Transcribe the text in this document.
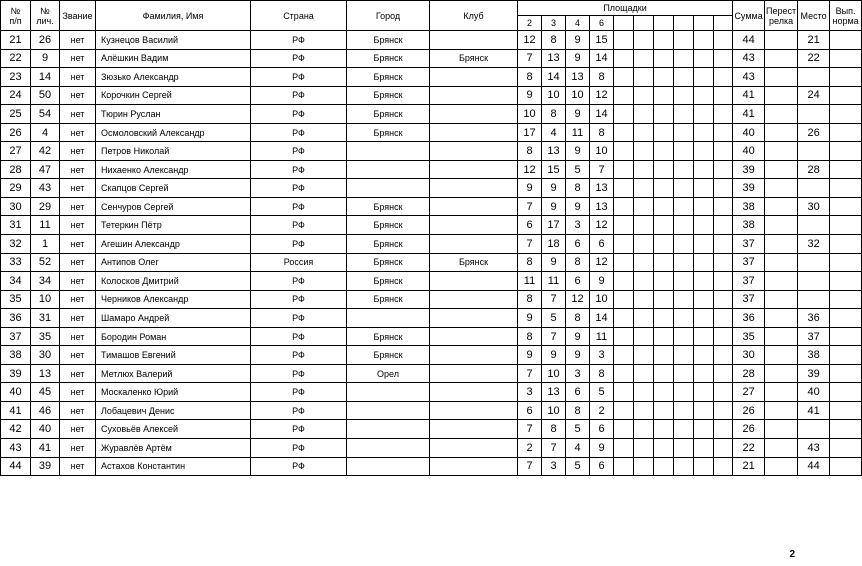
№
п/п	№
лич.	Звание	Фамилия, Имя	Страна	Город	Клуб	Площадки										Сумма	Перест
релка	Место	Вып.
норма
							2	3	4	6										
21	26	нет	Кузнецов Василий	РФ	Брянск		12	8	9	15							44		21	
22	9	нет	Алёшкин Вадим	РФ	Брянск	Брянск	7	13	9	14							43		22	
23	14	нет	Зюзько Александр	РФ	Брянск		8	14	13	8							43			
24	50	нет	Корочкин Сергей	РФ	Брянск		9	10	10	12							41		24	
25	54	нет	Тюрин Руслан	РФ	Брянск		10	8	9	14							41			
26	4	нет	Осмоловский Александр	РФ	Брянск		17	4	11	8							40		26	
27	42	нет	Петров Николай	РФ			8	13	9	10							40			
28	47	нет	Нихаенко Александр	РФ			12	15	5	7							39		28	
29	43	нет	Скапцов Сергей	РФ			9	9	8	13							39			
30	29	нет	Сенчуров Сергей	РФ	Брянск		7	9	9	13							38		30	
31	11	нет	Тетеркин Пётр	РФ	Брянск		6	17	3	12							38			
32	1	нет	Агешин Александр	РФ	Брянск		7	18	6	6							37		32	
33	52	нет	Антипов Олег	Россия	Брянск	Брянск	8	9	8	12							37			
34	34	нет	Колосков Дмитрий	РФ	Брянск		11	11	6	9							37			
35	10	нет	Черников Александр	РФ	Брянск		8	7	12	10							37			
36	31	нет	Шамаро Андрей	РФ			9	5	8	14							36		36	
37	35	нет	Бородин Роман	РФ	Брянск		8	7	9	11							35		37	
38	30	нет	Тимашов Евгений	РФ	Брянск		9	9	9	3							30		38	
39	13	нет	Метлюх Валерий	РФ	Орел		7	10	3	8							28		39	
40	45	нет	Москаленко Юрий	РФ			3	13	6	5							27		40	
41	46	нет	Лобацевич Денис	РФ			6	10	8	2							26		41	
42	40	нет	Суховьёв Алексей	РФ			7	8	5	6							26			
43	41	нет	Журавлёв Артём	РФ			2	7	4	9							22		43	
44	39	нет	Астахов Константин	РФ			7	3	5	6							21		44	
2
